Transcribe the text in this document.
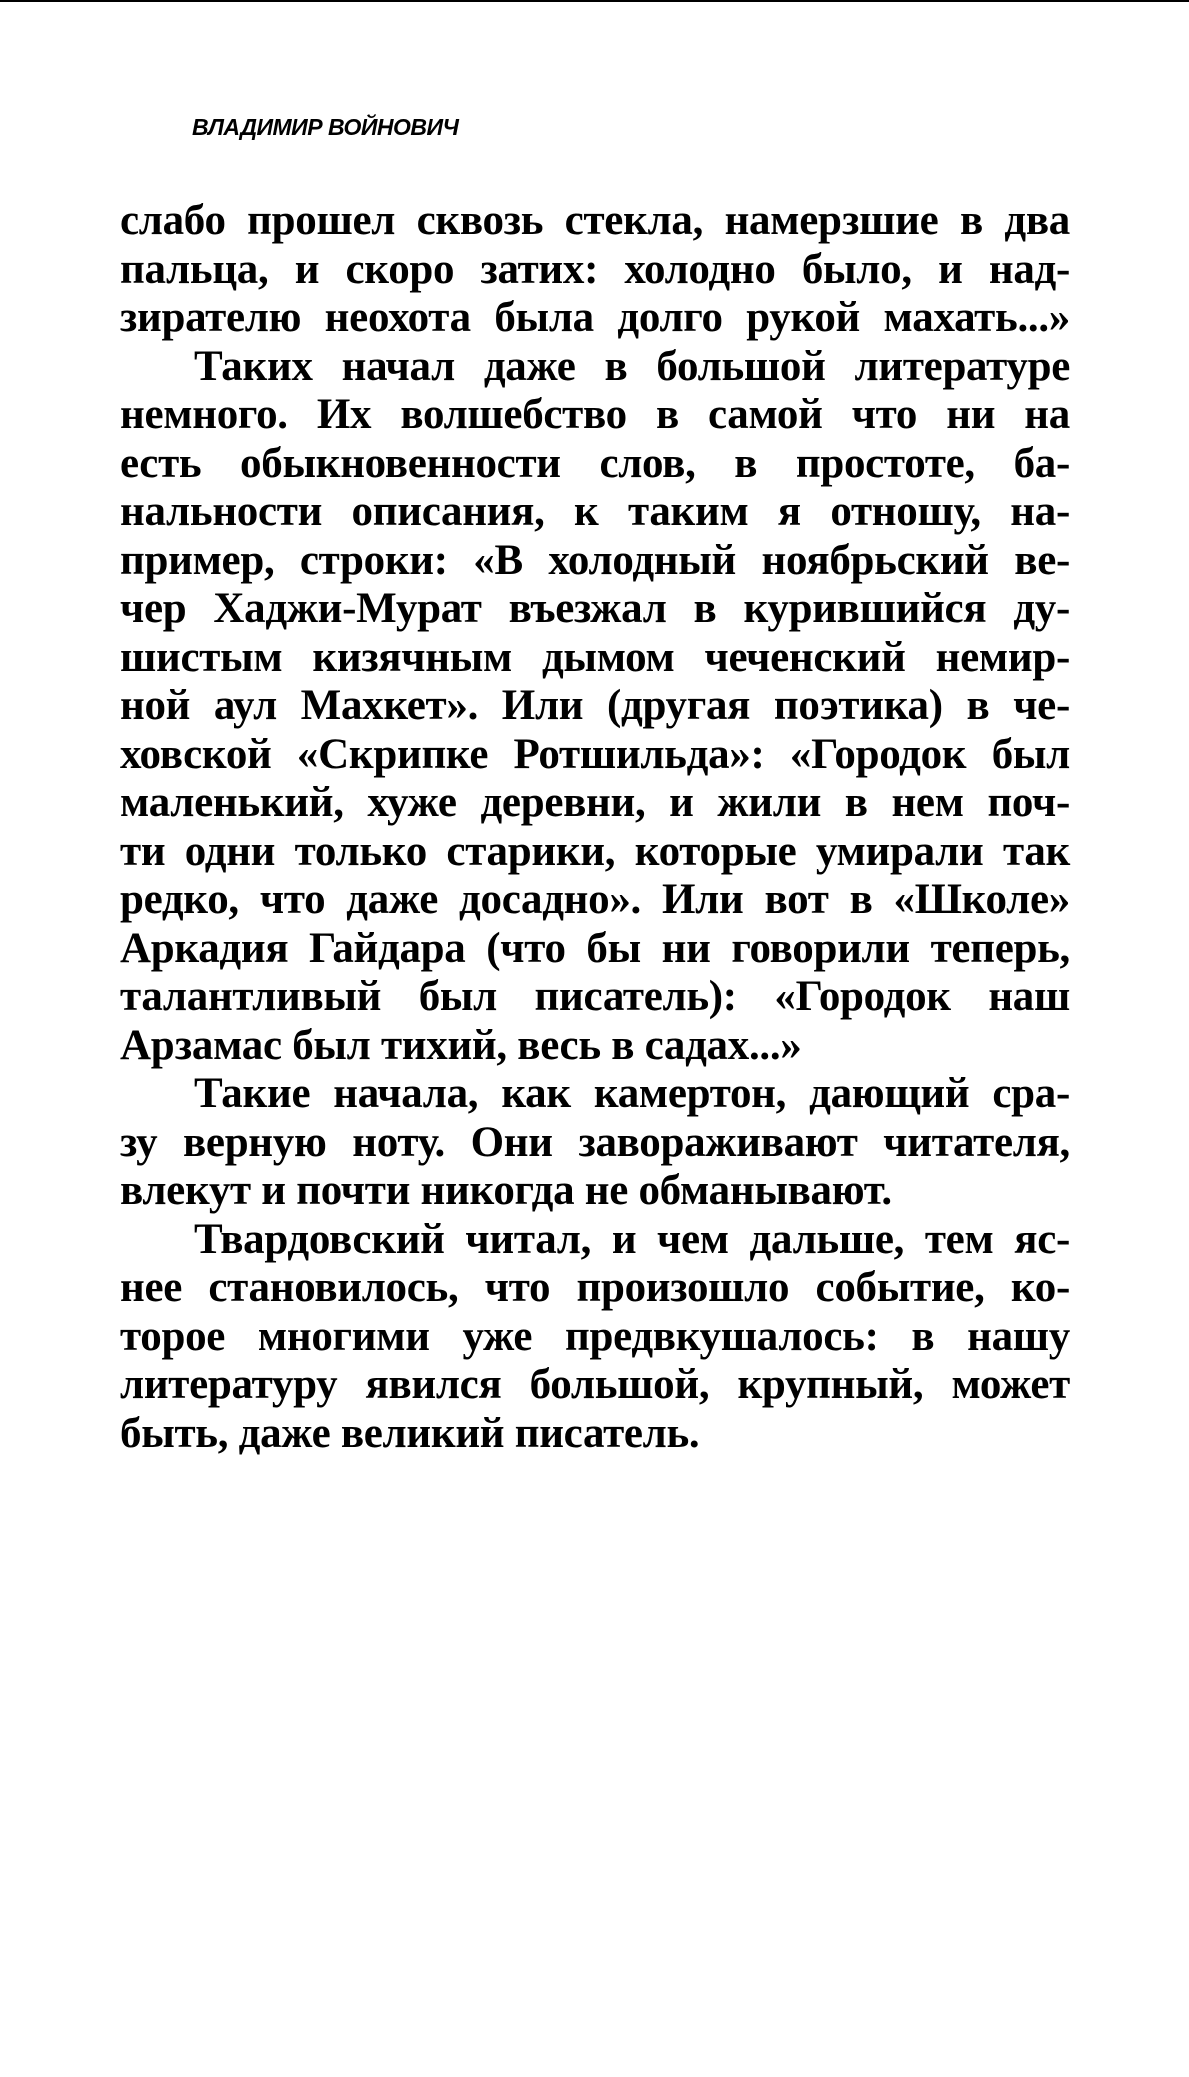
ВЛАДИМИР ВОЙНОВИЧ
слабо прошел сквозь стекла, намерзшие в два
пальца, и скоро затих: холодно было, и над-
зирателю неохота была долго рукой махать...»
Таких начал даже в большой литературе
немного. Их волшебство в самой что ни на
есть обыкновенности слов, в простоте, ба-
нальности описания, к таким я отношу, на-
пример, строки: «В холодный ноябрьский ве-
чер Хаджи-Мурат въезжал в курившийся ду-
шистым кизячным дымом чеченский немир-
ной аул Махкет». Или (другая поэтика) в че-
ховской «Скрипке Ротшильда»: «Городок был
маленький, хуже деревни, и жили в нем поч-
ти одни только старики, которые умирали так
редко, что даже досадно». Или вот в «Школе»
Аркадия Гайдара (что бы ни говорили теперь,
талантливый был писатель): «Городок наш
Арзамас был тихий, весь в садах...»
Такие начала, как камертон, дающий сра-
зу верную ноту. Они завораживают читателя,
влекут и почти никогда не обманывают.
Твардовский читал, и чем дальше, тем яс-
нее становилось, что произошло событие, ко-
торое многими уже предвкушалось: в нашу
литературу явился большой, крупный, может
быть, даже великий писатель.
